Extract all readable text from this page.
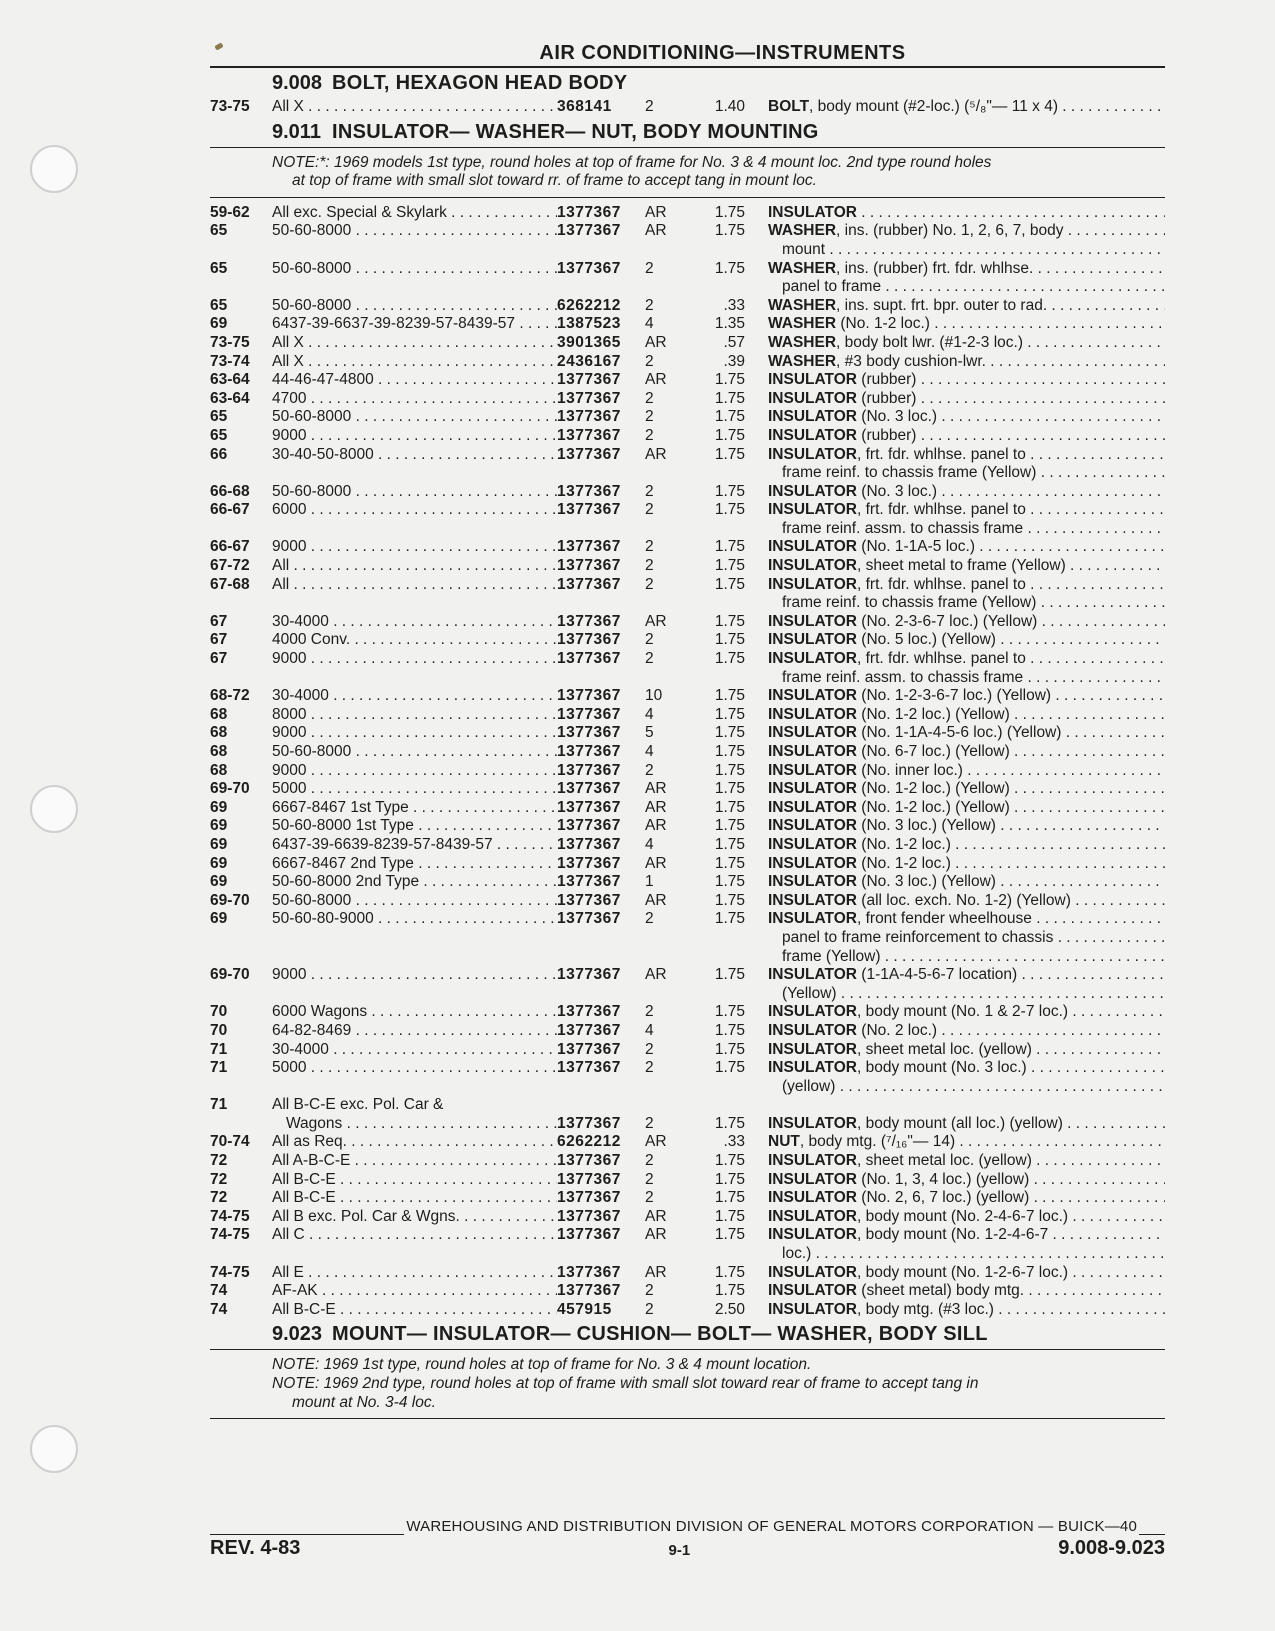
AIR CONDITIONING—INSTRUMENTS
9.008 BOLT, HEXAGON HEAD BODY
73-75	All X . . .	368141	2	1.40 BOLT, body mount (#2-loc.) (⁵/₈"— 11 x 4) . . .
9.011 INSULATOR— WASHER— NUT, BODY MOUNTING
NOTE:*: 1969 models 1st type, round holes at top of frame for No. 3 & 4 mount loc. 2nd type round holes
at top of frame with small slot toward rr. of frame to accept tang in mount loc.
59-62	All exc. Special & Skylark . . .	1377367	AR	1.75 INSULATOR . . .
65	50-60-8000 . . .	1377367	AR	1.75 WASHER, ins. (rubber) No. 1, 2, 6, 7, body . . .
mount . . .
65	50-60-8000 . . .	1377367	2	1.75 WASHER, ins. (rubber) frt. fdr. whlhse. . . .
panel to frame . . .
65	50-60-8000 . . .	6262212	2	.33 WASHER, ins. supt. frt. bpr. outer to rad. . . .
69	6437-39-6637-39-8239-57-8439-57 . . .	1387523	4	1.35 WASHER (No. 1-2 loc.) . . .
73-75	All X . . .	3901365	AR	.57 WASHER, body bolt lwr. (#1-2-3 loc.) . . .
73-74	All X . . .	2436167	2	.39 WASHER, #3 body cushion-lwr. . . .
63-64	44-46-47-4800 . . .	1377367	AR	1.75 INSULATOR (rubber) . . .
63-64	4700 . . .	1377367	2	1.75 INSULATOR (rubber) . . .
65	50-60-8000 . . .	1377367	2	1.75 INSULATOR (No. 3 loc.) . . .
65	9000 . . .	1377367	2	1.75 INSULATOR (rubber) . . .
66	30-40-50-8000 . . .	1377367	AR	1.75 INSULATOR, frt. fdr. whlhse. panel to . . .
frame reinf. to chassis frame (Yellow) . . .
66-68	50-60-8000 . . .	1377367	2	1.75 INSULATOR (No. 3 loc.) . . .
66-67	6000 . . .	1377367	2	1.75 INSULATOR, frt. fdr. whlhse. panel to . . .
frame reinf. assm. to chassis frame . . .
66-67	9000 . . .	1377367	2	1.75 INSULATOR (No. 1-1A-5 loc.) . . .
67-72	All . . .	1377367	2	1.75 INSULATOR, sheet metal to frame (Yellow) . . .
67-68	All . . .	1377367	2	1.75 INSULATOR, frt. fdr. whlhse. panel to . . .
frame reinf. to chassis frame (Yellow) . . .
67	30-4000 . . .	1377367	AR	1.75 INSULATOR (No. 2-3-6-7 loc.) (Yellow) . . .
67	4000 Conv. . . .	1377367	2	1.75 INSULATOR (No. 5 loc.) (Yellow) . . .
67	9000 . . .	1377367	2	1.75 INSULATOR, frt. fdr. whlhse. panel to . . .
frame reinf. assm. to chassis frame . . .
68-72	30-4000 . . .	1377367	10	1.75 INSULATOR (No. 1-2-3-6-7 loc.) (Yellow) . . .
68	8000 . . .	1377367	4	1.75 INSULATOR (No. 1-2 loc.) (Yellow) . . .
68	9000 . . .	1377367	5	1.75 INSULATOR (No. 1-1A-4-5-6 loc.) (Yellow) . . .
68	50-60-8000 . . .	1377367	4	1.75 INSULATOR (No. 6-7 loc.) (Yellow) . . .
68	9000 . . .	1377367	2	1.75 INSULATOR (No. inner loc.) . . .
69-70	5000 . . .	1377367	AR	1.75 INSULATOR (No. 1-2 loc.) (Yellow) . . .
69	6667-8467 1st Type . . .	1377367	AR	1.75 INSULATOR (No. 1-2 loc.) (Yellow) . . .
69	50-60-8000 1st Type . . .	1377367	AR	1.75 INSULATOR (No. 3 loc.) (Yellow) . . .
69	6437-39-6639-8239-57-8439-57 . . .	1377367	4	1.75 INSULATOR (No. 1-2 loc.) . . .
69	6667-8467 2nd Type . . .	1377367	AR	1.75 INSULATOR (No. 1-2 loc.) . . .
69	50-60-8000 2nd Type . . .	1377367	1	1.75 INSULATOR (No. 3 loc.) (Yellow) . . .
69-70	50-60-8000 . . .	1377367	AR	1.75 INSULATOR (all loc. exch. No. 1-2) (Yellow) . . .
69	50-60-80-9000 . . .	1377367	2	1.75 INSULATOR, front fender wheelhouse . . .
panel to frame reinforcement to chassis . . .
frame (Yellow) . . .
69-70	9000 . . .	1377367	AR	1.75 INSULATOR (1-1A-4-5-6-7 location) . . .
(Yellow) . . .
70	6000 Wagons . . .	1377367	2	1.75 INSULATOR, body mount (No. 1 & 2-7 loc.) . . .
70	64-82-8469 . . .	1377367	4	1.75 INSULATOR (No. 2 loc.) . . .
71	30-4000 . . .	1377367	2	1.75 INSULATOR, sheet metal loc. (yellow) . . .
71	5000 . . .	1377367	2	1.75 INSULATOR, body mount (No. 3 loc.) . . .
(yellow) . . .
71	All B-C-E exc. Pol. Car &
Wagons . . .	1377367	2	1.75 INSULATOR, body mount (all loc.) (yellow) . . .
70-74	All as Req. . . .	6262212	AR	.33 NUT, body mtg. (⁷/₁₆"— 14) . . .
72	All A-B-C-E . . .	1377367	2	1.75 INSULATOR, sheet metal loc. (yellow) . . .
72	All B-C-E . . .	1377367	2	1.75 INSULATOR (No. 1, 3, 4 loc.) (yellow) . . .
72	All B-C-E . . .	1377367	2	1.75 INSULATOR (No. 2, 6, 7 loc.) (yellow) . . .
74-75	All B exc. Pol. Car & Wgns. . . .	1377367	AR	1.75 INSULATOR, body mount (No. 2-4-6-7 loc.) . . .
74-75	All C . . .	1377367	AR	1.75 INSULATOR, body mount (No. 1-2-4-6-7 . . .
loc.) . . .
74-75	All E . . .	1377367	AR	1.75 INSULATOR, body mount (No. 1-2-6-7 loc.) . . .
74	AF-AK . . .	1377367	2	1.75 INSULATOR (sheet metal) body mtg. . . .
74	All B-C-E . . .	457915	2	2.50 INSULATOR, body mtg. (#3 loc.) . . .
9.023 MOUNT— INSULATOR— CUSHION— BOLT— WASHER, BODY SILL
NOTE: 1969 1st type, round holes at top of frame for No. 3 & 4 mount location.
NOTE: 1969 2nd type, round holes at top of frame with small slot toward rear of frame to accept tang in
mount at No. 3-4 loc.
WAREHOUSING AND DISTRIBUTION DIVISION OF GENERAL MOTORS CORPORATION — BUICK—40
REV. 4-83	9-1	9.008-9.023
